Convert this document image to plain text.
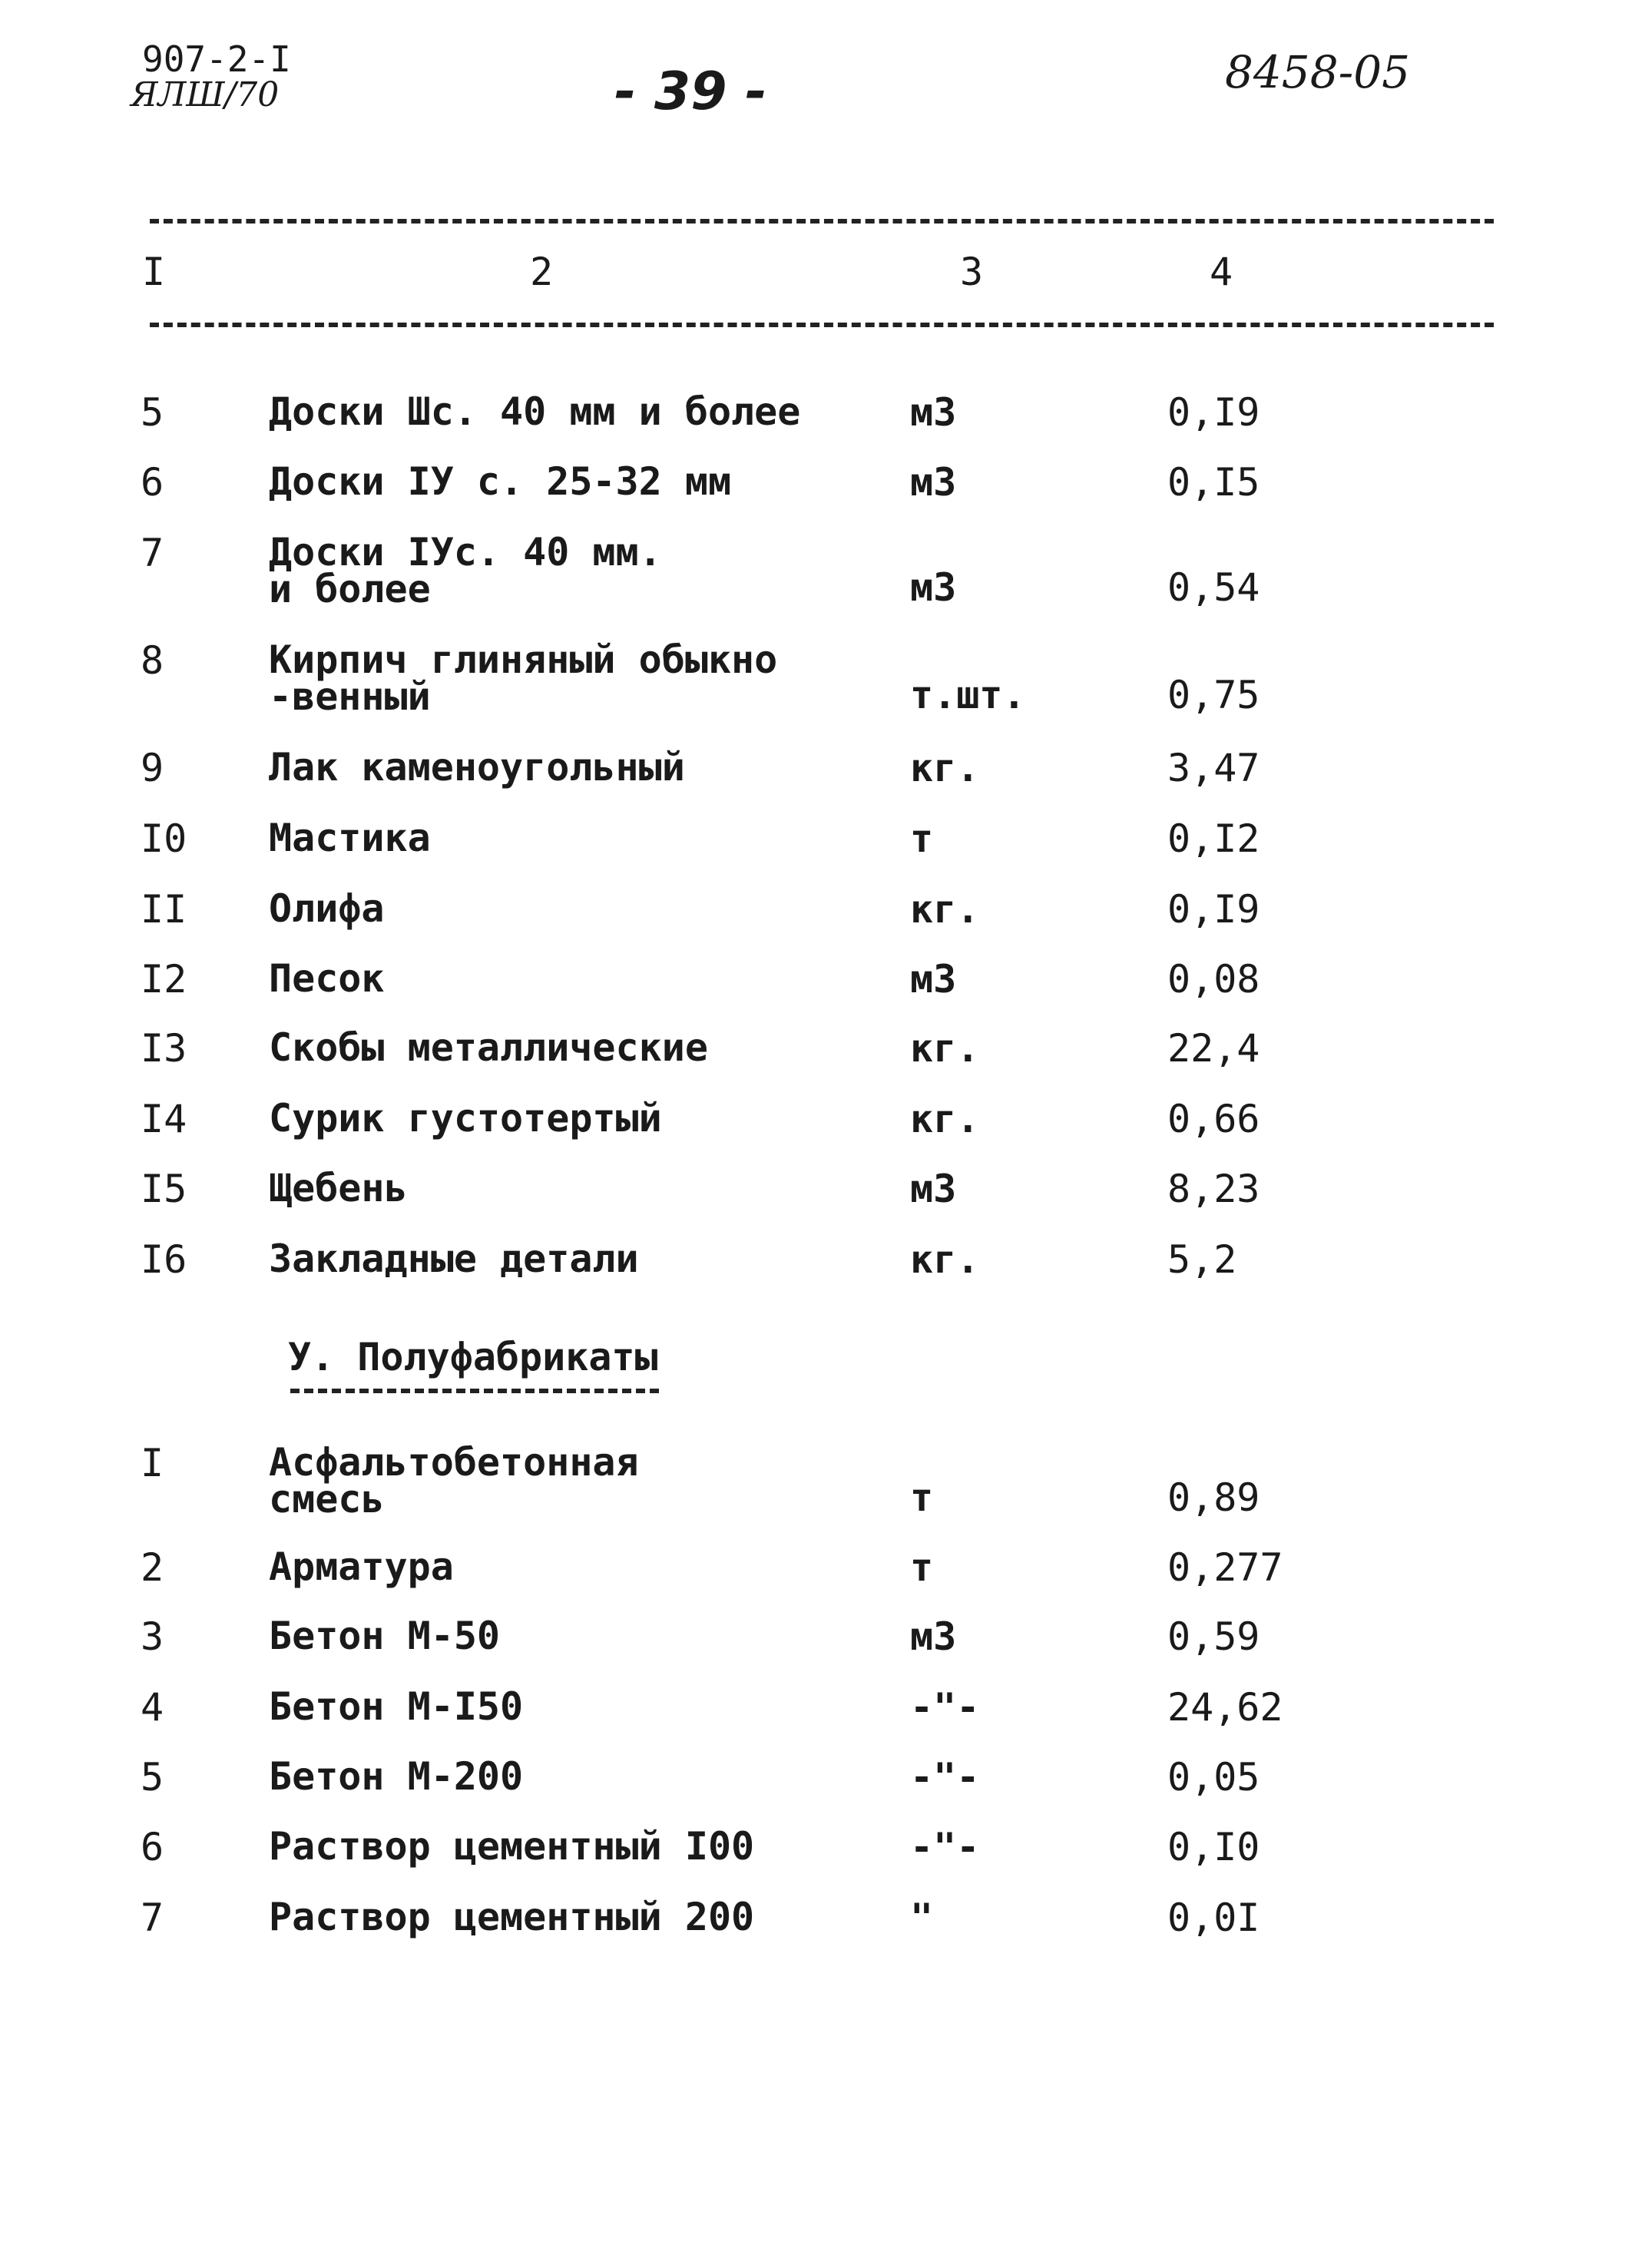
907-2-I
ЯЛШ/70	- 39 -	8458-05
I	2	3	4
5	Доски Шс. 40 мм и более	м3	0,I9
6	Доски IУ с. 25-32 мм	м3	0,I5
7	Доски IУс. 40 мм. и более	м3	0,54
8	Кирпич глиняный обыкно-венный	т.шт.	0,75
9	Лак каменоугольный	кг.	3,47
I0 Мастика	т	0,I2
II Олифа	кг.	0,I9
I2 Песок	м3	0,08
I3 Скобы металлические	кг.	22,4
I4 Сурик густотертый	кг.	0,66
I5 Щебень	м3	8,23
I6 Закладные детали	кг.	5,2
У. Полуфабрикаты
I	Асфальтобетонная смесь	т	0,89
2	Арматура	т	0,277
3	Бетон М-50	м3	0,59
4	Бетон М-I50	-"-	24,62
5	Бетон М-200	-"-	0,05
6	Раствор цементный I00	-"-	0,I0
7	Раствор цементный 200	"	0,0I
